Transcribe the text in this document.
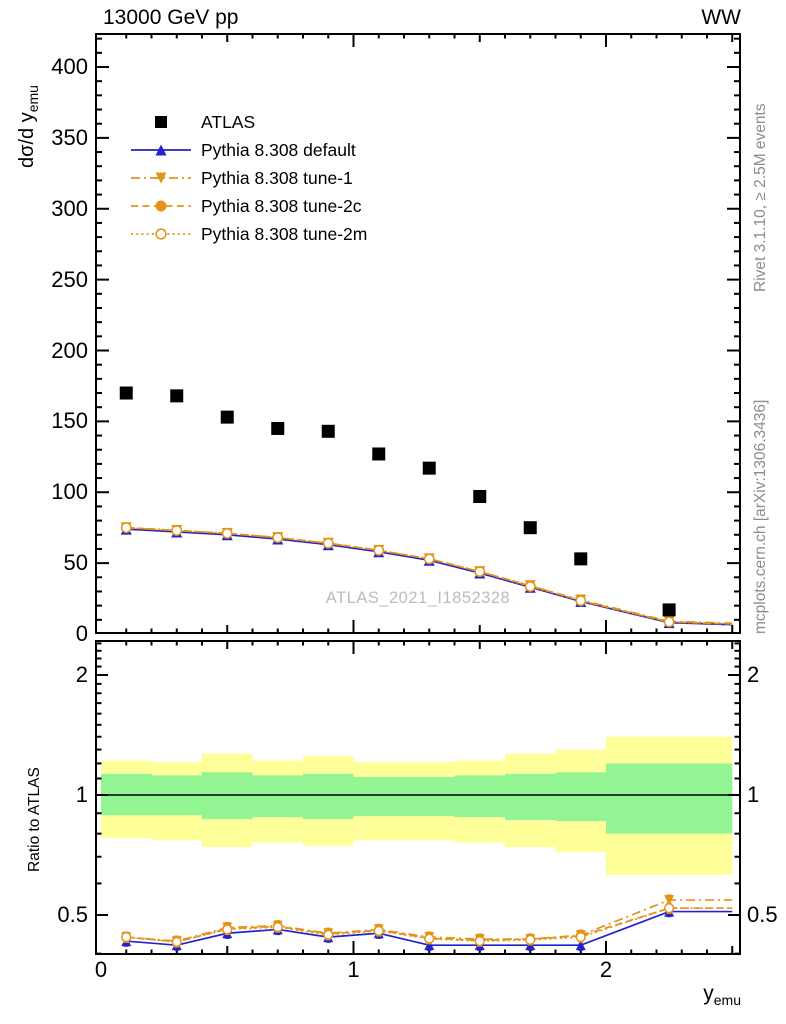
13000 GeV pp	WW
ATLAS
Pythia 8.308 default
Pythia 8.308 tune-1
Pythia 8.308 tune-2c
Pythia 8.308 tune-2m
ATLAS_2021_I1852328
dσ/d $y_{emu}$
Ratio to ATLAS
Rivet 3.1.10, ≥ 2.5M events
mcplots.cern.ch [arXiv:1306.3436]
$y_{emu}$
0
50
100
150
200
250
300
350
400
0.5	0.5
1	1
2	2
0	1	2
